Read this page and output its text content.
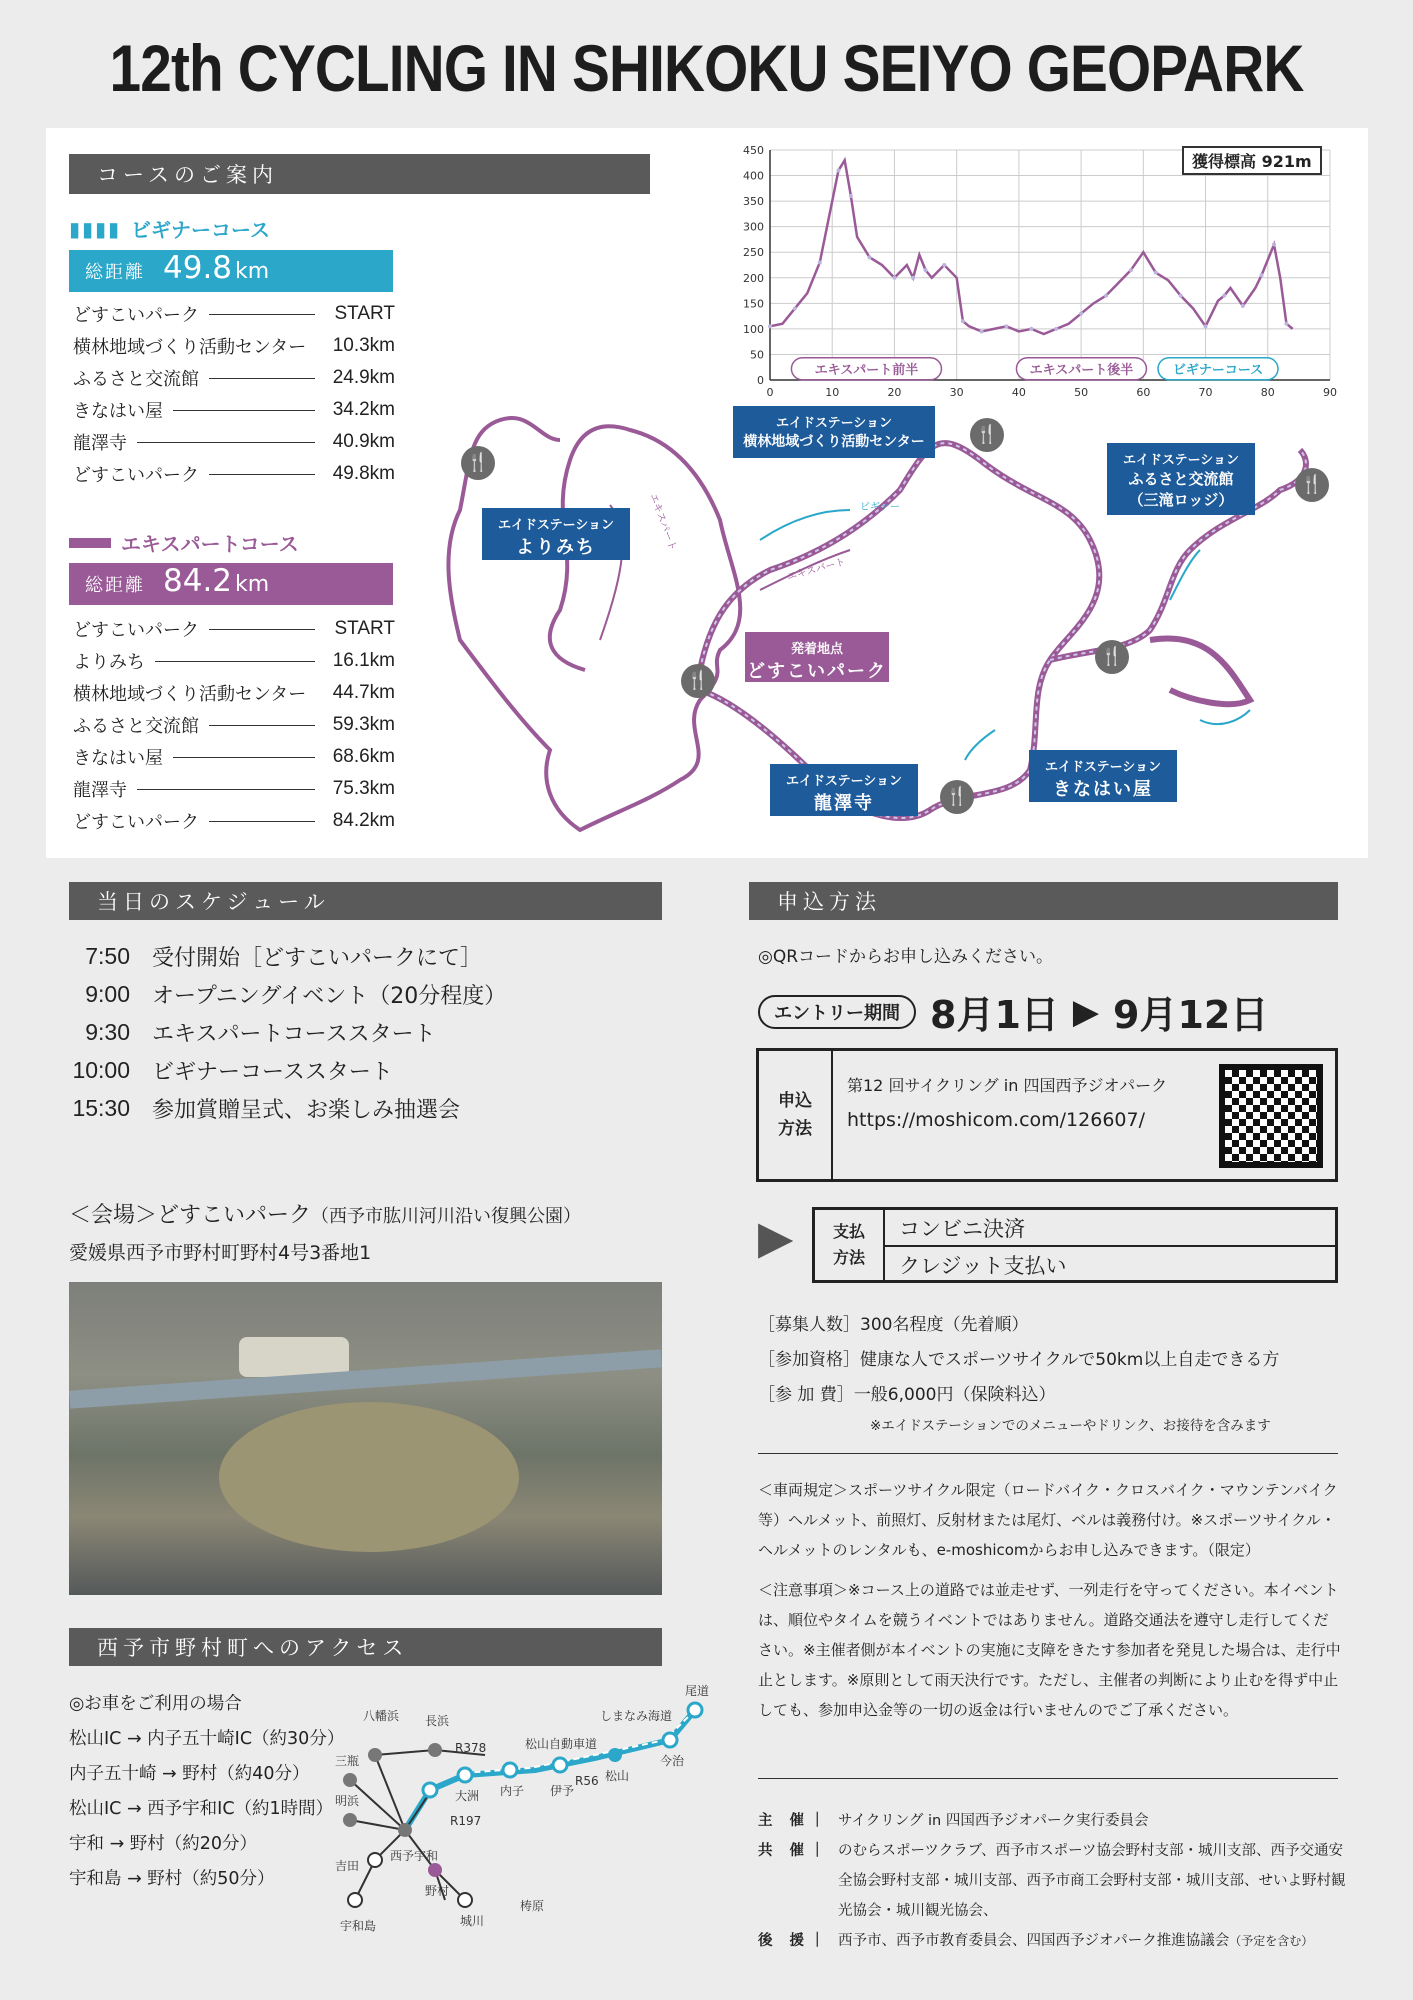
12th CYCLING IN SHIKOKU SEIYO GEOPARK
コースのご案内
▮▮▮▮ ビギナーコース
総距離 49.8 km
どすこいパーク	START
横林地域づくり活動センター	10.3km
ふるさと交流館	24.9km
きなはい屋	34.2km
龍澤寺	40.9km
どすこいパーク	49.8km
エキスパートコース
総距離 84.2 km
どすこいパーク	START
よりみち	16.1km
横林地域づくり活動センター	44.7km
ふるさと交流館	59.3km
きなはい屋	68.6km
龍澤寺	75.3km
どすこいパーク	84.2km
0
50
100
150
200
250
300
350
400
450
0	10	20	30	40	50	60	70	80	90
エキスパート前半	エキスパート後半	ビギナーコース
獲得標高 921m
エキスパート	ビギナー
エキスパート
エイドステーション
よりみち
エイドステーション
横林地域づくり活動センター
エイドステーション
ふるさと交流館
（三滝ロッジ）
エイドステーション
龍澤寺
エイドステーション
きなはい屋
発着地点
どすこいパーク
🍴
🍴
🍴
🍴
🍴
🍴
当日のスケジュール
7:50 受付開始［どすこいパークにて］
9:00 オープニングイベント（20分程度）
9:30 エキスパートコーススタート
10:00 ビギナーコーススタート
15:30 参加賞贈呈式、お楽しみ抽選会
＜会場＞どすこいパーク（西予市肱川河川沿い復興公園）
愛媛県西予市野村町野村4号3番地1
西予市野村町へのアクセス
◎お車をご利用の場合
松山IC → 内子五十崎IC（約30分）
内子五十崎 → 野村（約40分）
松山IC → 西予宇和IC（約1時間）
宇和 → 野村（約20分）
宇和島 → 野村（約50分）
尾道
しまなみ海道
松山自動車道
R378
R56
R197
八幡浜 長浜
三瓶
明浜	大洲 内子 伊予
松山
今治
西予宇和
吉田
宇和島
野村
城川
梼原
申込方法
◎QRコードからお申し込みください。
エントリー期間 8月1日 ▶ 9月12日
申込
方法
第12 回サイクリング in 四国西予ジオパーク
https://moshicom.com/126607/
▶	支払
方法
コンビニ決済
クレジット支払い
［募集人数］300名程度（先着順）
［参加資格］健康な人でスポーツサイクルで50km以上自走できる方
［参 加 費］一般6,000円（保険料込）
※エイドステーションでのメニューやドリンク、お接待を含みます
＜車両規定＞スポーツサイクル限定（ロードバイク・クロスバイク・マウンテンバイク等）ヘルメット、前照灯、反射材または尾灯、ベルは義務付け。※スポーツサイクル・ヘルメットのレンタルも、e-moshicomからお申し込みできます。（限定）
＜注意事項＞※コース上の道路では並走せず、一列走行を守ってください。本イベントは、順位やタイムを競うイベントではありません。道路交通法を遵守し走行してください。※主催者側が本イベントの実施に支障をきたす参加者を発見した場合は、走行中止とします。※原則として雨天決行です。ただし、主催者の判断により止むを得ず中止しても、参加申込金等の一切の返金は行いませんのでご了承ください。
主 催｜ サイクリング in 四国西予ジオパーク実行委員会
共 催｜ のむらスポーツクラブ、西予市スポーツ協会野村支部・城川支部、西予交通安全協会野村支部・城川支部、西予市商工会野村支部・城川支部、せいよ野村観光協会・城川観光協会、
後 援｜ 西予市、西予市教育委員会、四国西予ジオパーク推進協議会（予定を含む）
